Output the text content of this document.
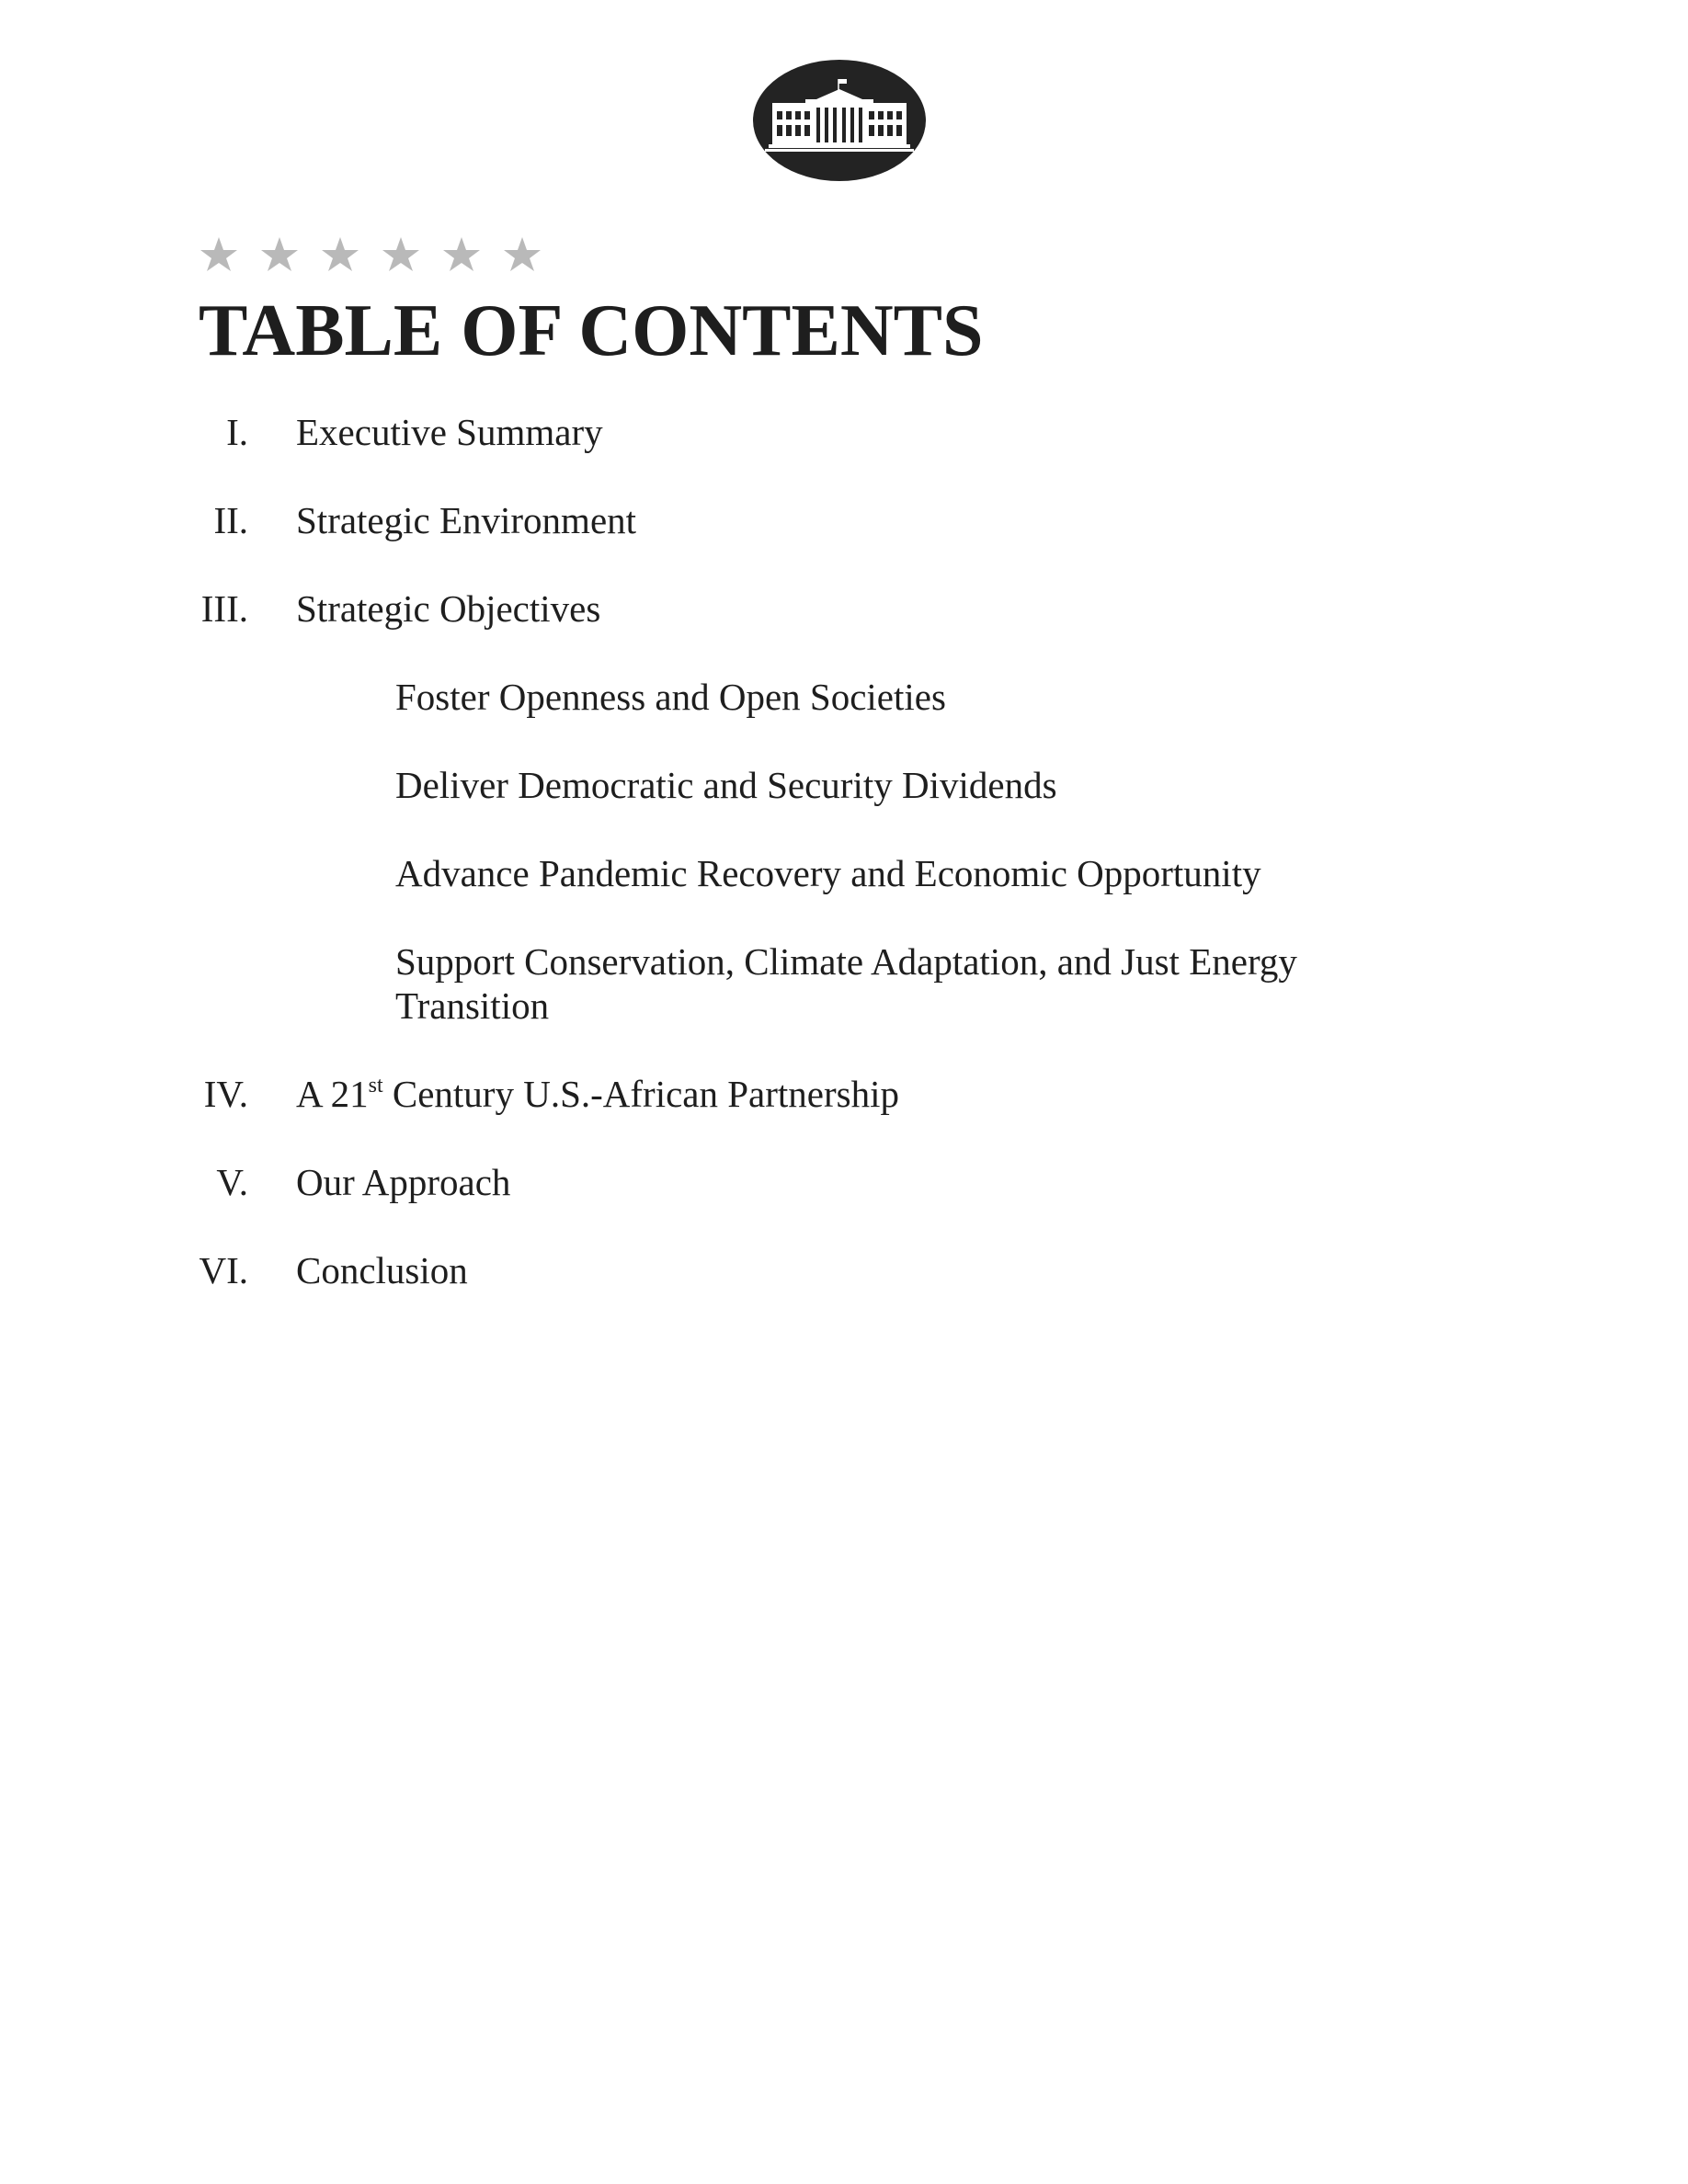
TABLE OF CONTENTS
I. Executive Summary
II. Strategic Environment
III. Strategic Objectives
Foster Openness and Open Societies
Deliver Democratic and Security Dividends
Advance Pandemic Recovery and Economic Opportunity
Support Conservation, Climate Adaptation, and Just Energy
Transition
IV. A 21st Century U.S.-African Partnership
V. Our Approach
VI. Conclusion
